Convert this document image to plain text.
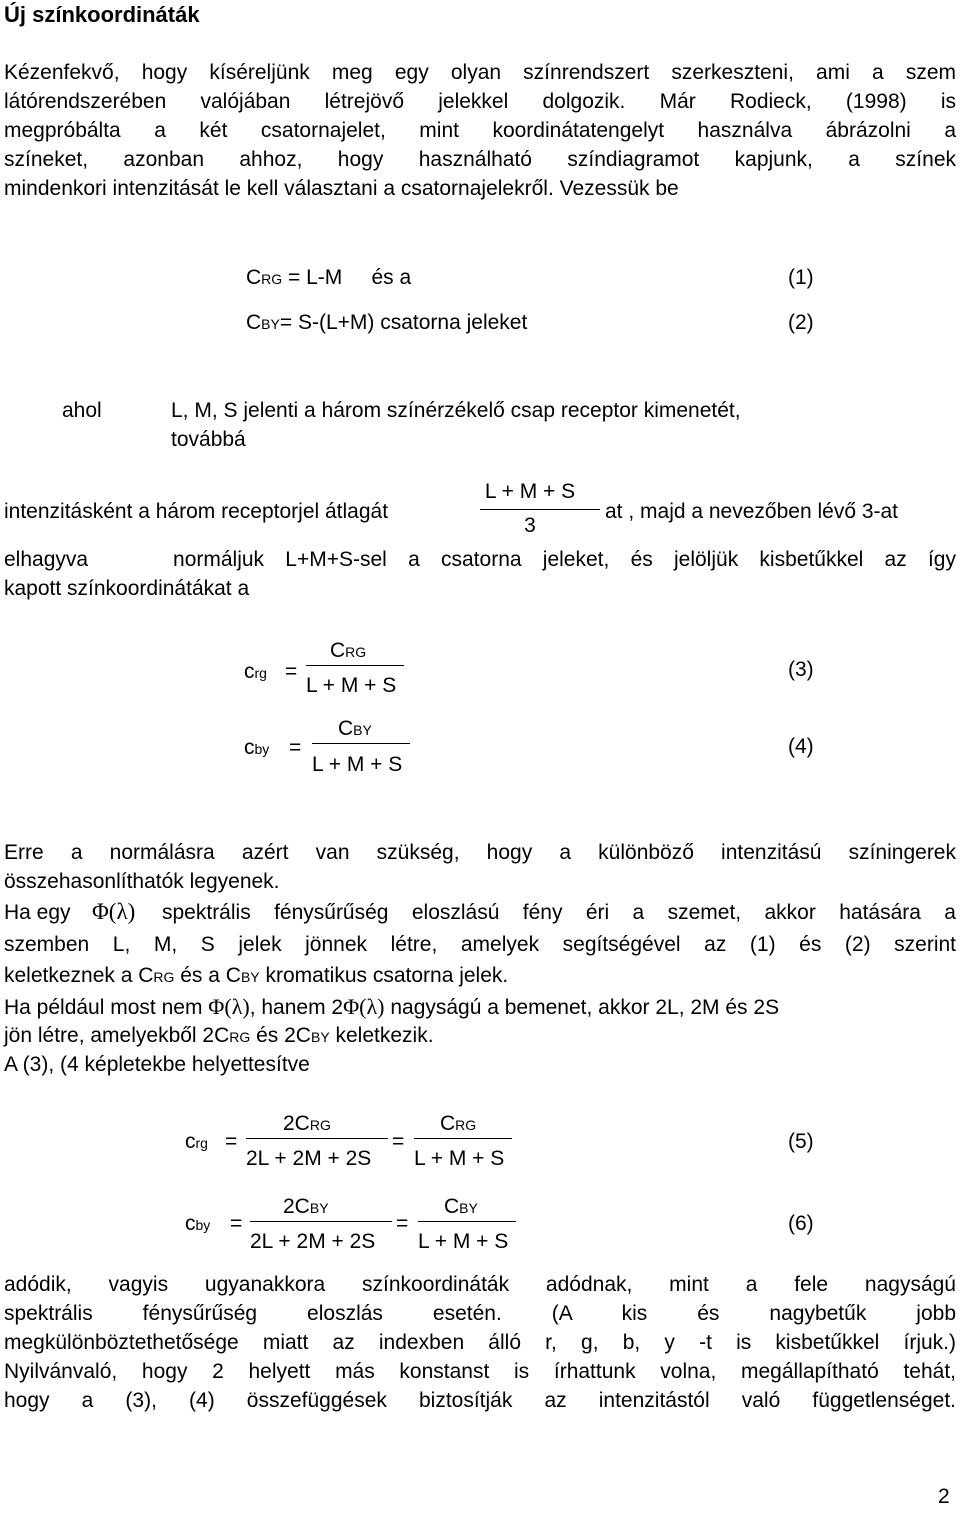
Új színkoordináták
Kézenfekvő, hogy kíséreljünk meg egy olyan színrendszert szerkeszteni, ami a szem
látórendszerében valójában létrejövő jelekkel dolgozik. Már Rodieck, (1998) is
megpróbálta a két csatornajelet, mint koordinátatengelyt használva ábrázolni a
színeket, azonban ahhoz, hogy használható színdiagramot kapjunk, a színek
mindenkori intenzitását le kell választani a csatornajelekről. Vezessük be
CRG = L-M     és a	(1)
CBY= S-(L+M) csatorna jeleket	(2)
ahol	L, M, S jelenti a három színérzékelő csap receptor kimenetét,
továbbá
intenzitásként a három receptorjel átlagát
L + M + S
3
at , majd a nevezőben lévő 3-at
elhagyva    normáljuk L+M+S-sel a csatorna jeleket, és jelöljük kisbetűkkel az így
kapott színkoordinátákat a
crg =
CRG
L + M + S
(3)
cby =
CBY
L + M + S
(4)
Erre a normálásra azért van szükség, hogy a különböző intenzitású színingerek
összehasonlíthatók legyenek.
Ha egy Φ(λ) spektrális fénysűrűség eloszlású fény éri a szemet, akkor hatására a
szemben L, M, S jelek jönnek létre, amelyek segítségével az (1) és (2) szerint
keletkeznek a CRG és a CBY kromatikus csatorna jelek.
Ha például most nem Φ(λ), hanem 2Φ(λ) nagyságú a bemenet, akkor 2L, 2M és 2S
jön létre, amelyekből 2CRG és 2CBY keletkezik.
A (3), (4 képletekbe helyettesítve
crg =
2CRG
2L + 2M + 2S
=
CRG
L + M + S
(5)
cby =
2CBY
2L + 2M + 2S
=
CBY
L + M + S
(6)
adódik, vagyis ugyanakkora színkoordináták adódnak, mint a fele nagyságú
spektrális fénysűrűség eloszlás esetén. (A kis és nagybetűk jobb
megkülönböztethetősége miatt az indexben álló r, g, b, y -t is kisbetűkkel írjuk.)
Nyilvánvaló, hogy 2 helyett más konstanst is írhattunk volna, megállapítható tehát,
hogy a (3), (4) összefüggések biztosítják az intenzitástól való függetlenséget.
2
